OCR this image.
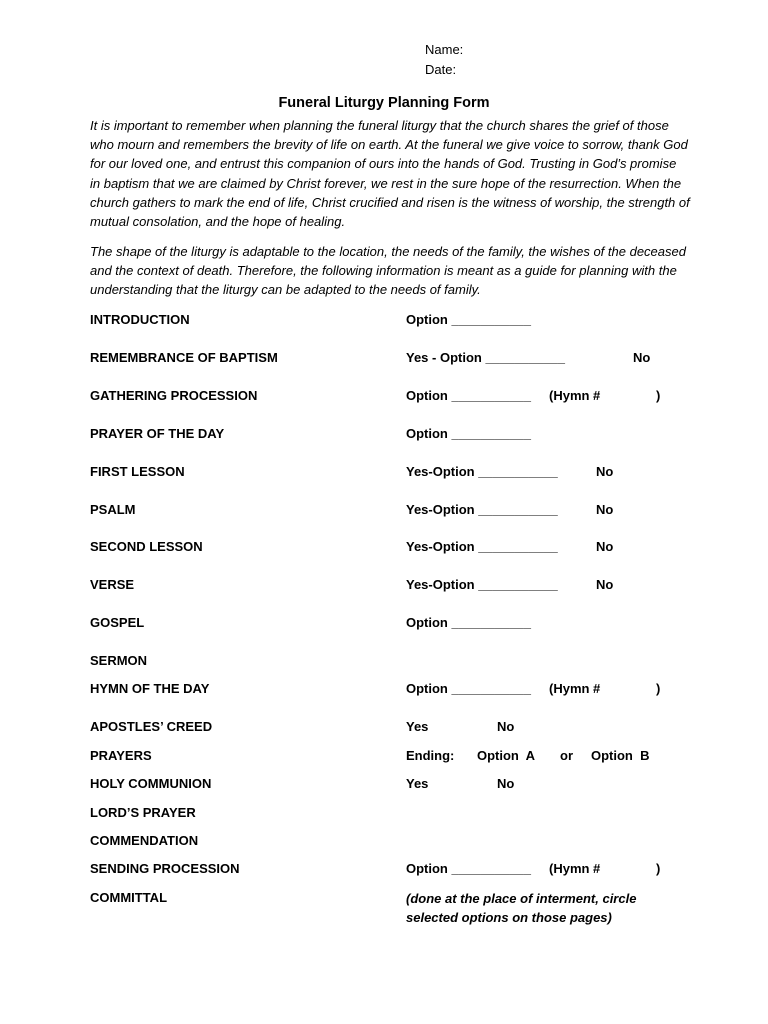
Name:
Date:
Funeral Liturgy Planning Form

It is important to remember when planning the funeral liturgy that the church shares the grief of those who mourn and remembers the brevity of life on earth. At the funeral we give voice to sorrow, thank God for our loved one, and entrust this companion of ours into the hands of God. Trusting in God’s promise in baptism that we are claimed by Christ forever, we rest in the sure hope of the resurrection. When the church gathers to mark the end of life, Christ crucified and risen is the witness of worship, the strength of mutual consolation, and the hope of healing.

The shape of the liturgy is adaptable to the location, the needs of the family, the wishes of the deceased and the context of death. Therefore, the following information is meant as a guide for planning with the understanding that the liturgy can be adapted to the needs of family.

INTRODUCTION	Option ___________
REMEMBRANCE OF BAPTISM	Yes - Option ___________	No
GATHERING PROCESSION	Option ___________ (Hymn #	)
PRAYER OF THE DAY	Option ___________
FIRST LESSON	Yes-Option ___________	No
PSALM	Yes-Option ___________	No
SECOND LESSON	Yes-Option ___________	No
VERSE	Yes-Option ___________	No
GOSPEL	Option ___________
SERMON
HYMN OF THE DAY	Option ___________ (Hymn #	)
APOSTLES’ CREED	Yes	No
PRAYERS	Ending: Option  A or Option  B
HOLY COMMUNION	Yes	No
LORD’S PRAYER
COMMENDATION
SENDING PROCESSION	Option ___________ (Hymn #	)
COMMITTAL	(done at the place of interment, circle selected options on those pages)
